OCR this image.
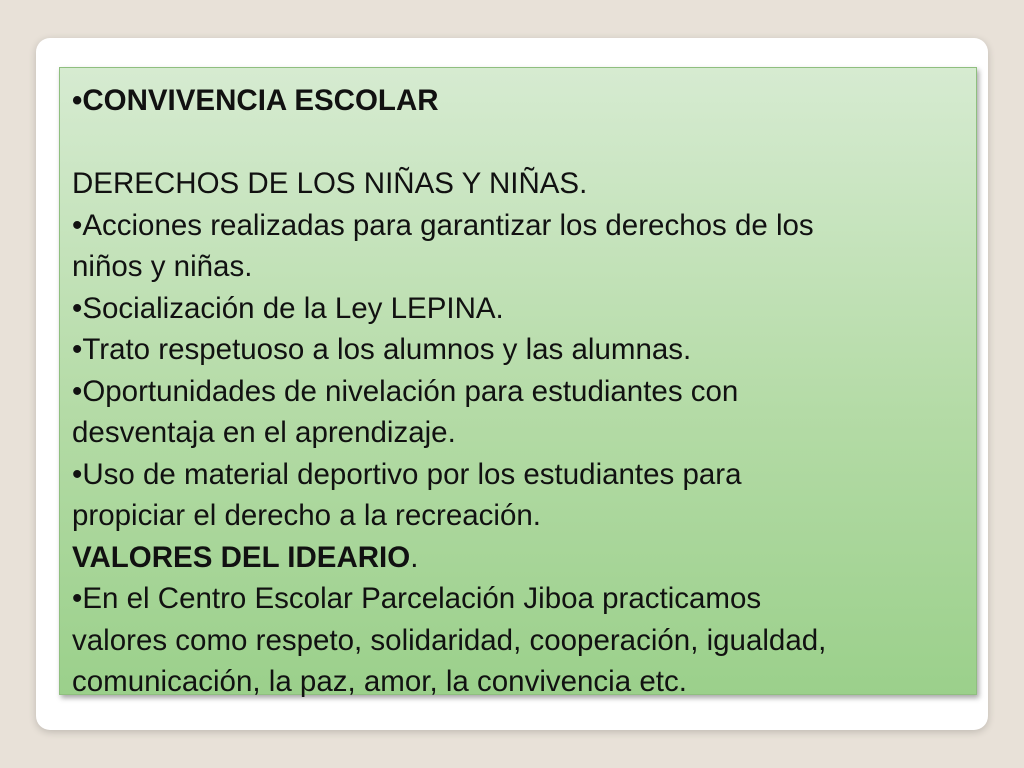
•CONVIVENCIA ESCOLAR
DERECHOS DE LOS NIÑAS Y NIÑAS.
•Acciones realizadas para garantizar los derechos de los
niños y niñas.
•Socialización de la Ley LEPINA.
•Trato respetuoso a los alumnos y las alumnas.
•Oportunidades de nivelación para estudiantes con
desventaja en el aprendizaje.
•Uso de material deportivo por los estudiantes para
propiciar el derecho a la recreación.
VALORES DEL IDEARIO.
•En el Centro Escolar Parcelación Jiboa practicamos
valores como respeto, solidaridad, cooperación, igualdad,
comunicación, la paz, amor, la convivencia etc.
